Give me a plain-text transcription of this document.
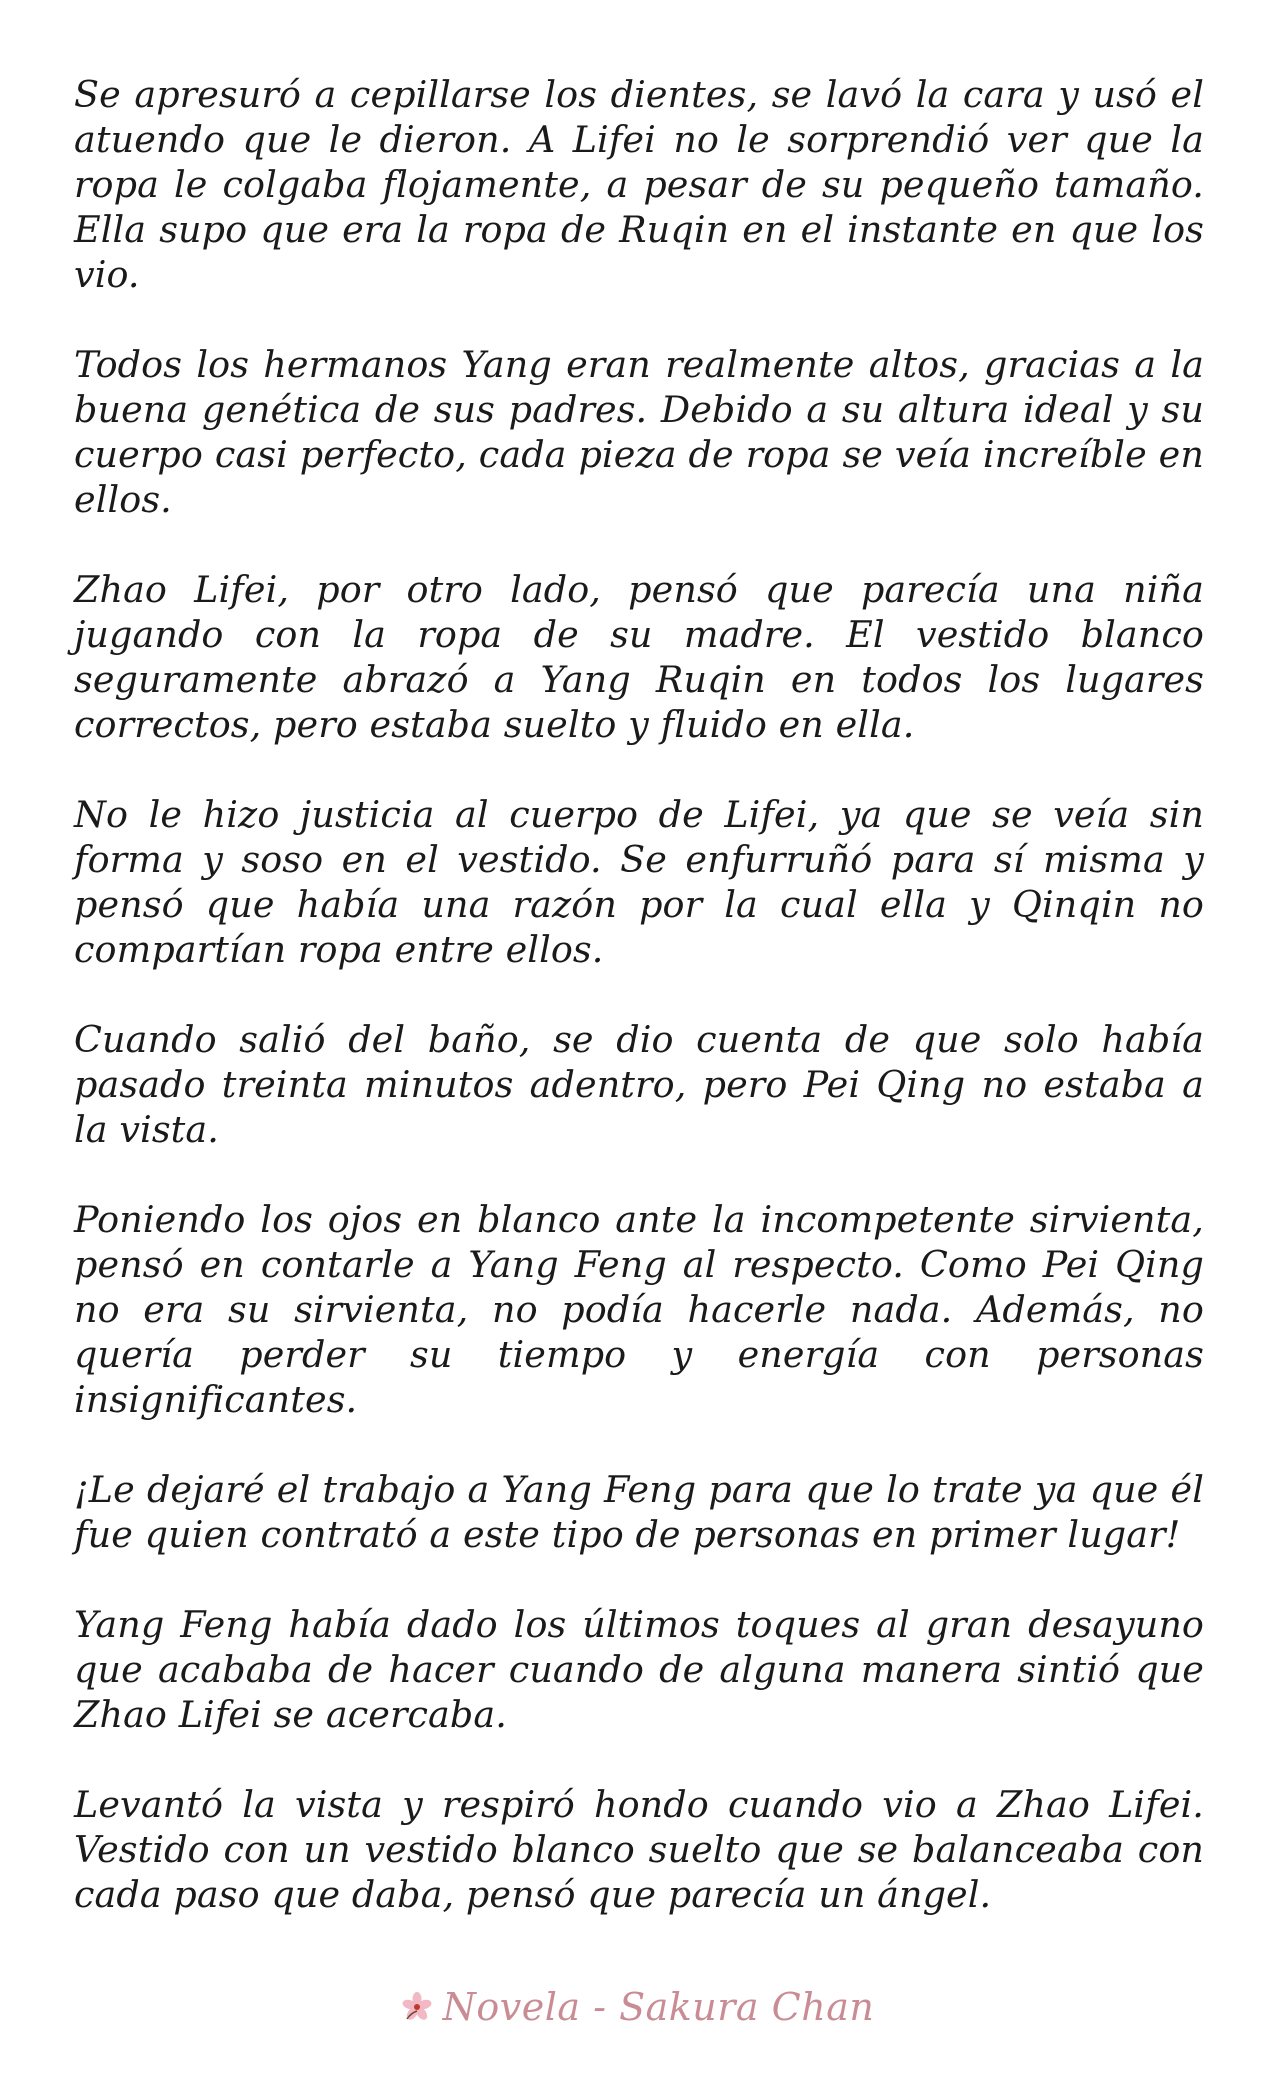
Se apresuró a cepillarse los dientes, se lavó la cara y usó el atuendo que le dieron. A Lifei no le sorprendió ver que la ropa le colgaba flojamente, a pesar de su pequeño tamaño. Ella supo que era la ropa de Ruqin en el instante en que los vio.

Todos los hermanos Yang eran realmente altos, gracias a la buena genética de sus padres. Debido a su altura ideal y su cuerpo casi perfecto, cada pieza de ropa se veía increíble en ellos.

Zhao Lifei, por otro lado, pensó que parecía una niña jugando con la ropa de su madre. El vestido blanco seguramente abrazó a Yang Ruqin en todos los lugares correctos, pero estaba suelto y fluido en ella.

No le hizo justicia al cuerpo de Lifei, ya que se veía sin forma y soso en el vestido. Se enfurruñó para sí misma y pensó que había una razón por la cual ella y Qinqin no compartían ropa entre ellos.

Cuando salió del baño, se dio cuenta de que solo había pasado treinta minutos adentro, pero Pei Qing no estaba a la vista.

Poniendo los ojos en blanco ante la incompetente sirvienta, pensó en contarle a Yang Feng al respecto. Como Pei Qing no era su sirvienta, no podía hacerle nada. Además, no quería perder su tiempo y energía con personas insignificantes.

¡Le dejaré el trabajo a Yang Feng para que lo trate ya que él fue quien contrató a este tipo de personas en primer lugar!

Yang Feng había dado los últimos toques al gran desayuno que acababa de hacer cuando de alguna manera sintió que Zhao Lifei se acercaba.

Levantó la vista y respiró hondo cuando vio a Zhao Lifei. Vestido con un vestido blanco suelto que se balanceaba con cada paso que daba, pensó que parecía un ángel.

Novela - Sakura Chan
